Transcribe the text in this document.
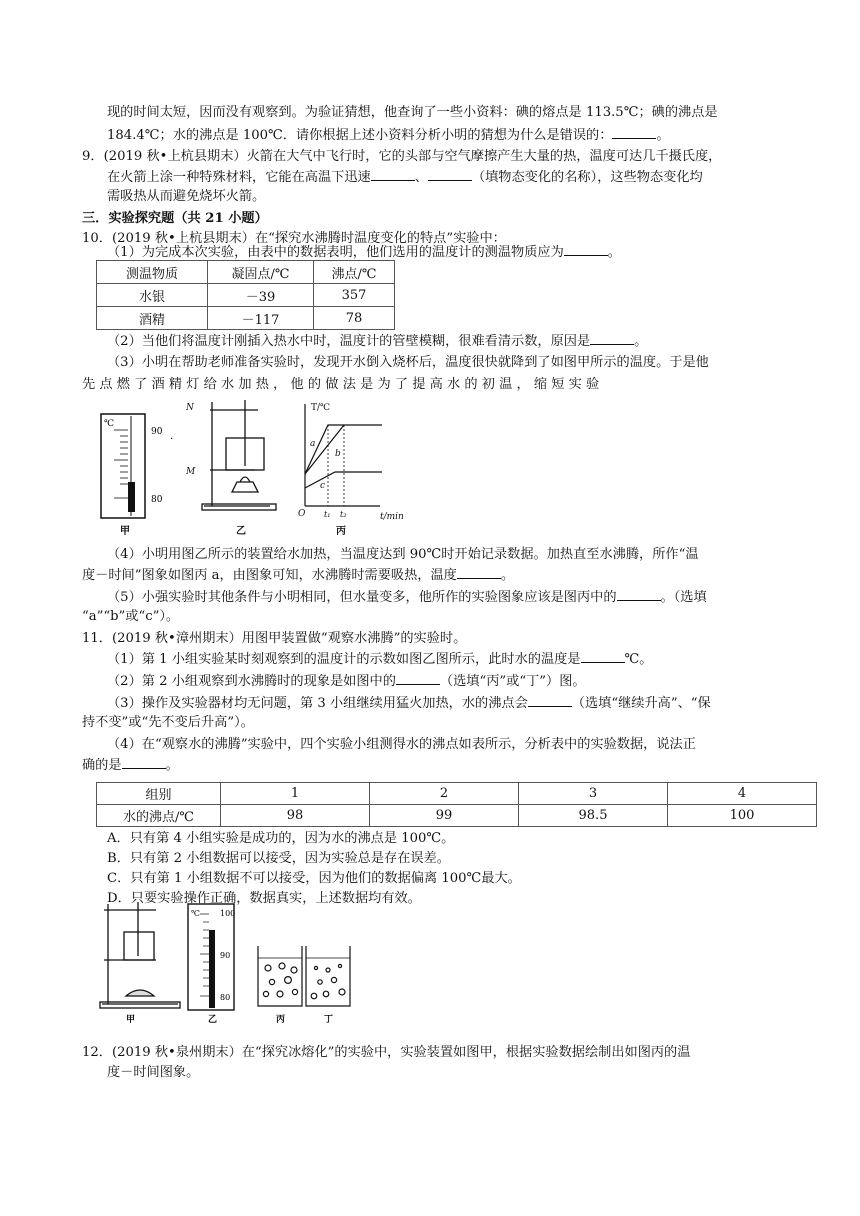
现的时间太短，因而没有观察到。为验证猜想，他查询了一些小资料：碘的熔点是 113.5℃；碘的沸点是
184.4℃；水的沸点是 100℃．请你根据上述小资料分析小明的猜想为什么是错误的：	。
9．(2019 秋•上杭县期末）火箭在大气中飞行时，它的头部与空气摩擦产生大量的热，温度可达几千摄氏度，
在火箭上涂一种特殊材料，它能在高温下迅速	、	（填物态变化的名称），这些物态变化均
需吸热从而避免烧坏火箭。
三．实验探究题（共 21 小题）
10．(2019 秋•上杭县期末）在“探究水沸腾时温度变化的特点”实验中：
（1）为完成本次实验，由表中的数据表明，他们选用的温度计的测温物质应为	。
测温物质	凝固点/℃	沸点/℃
水银	－39	357
酒精	－117	78
（2）当他们将温度计刚插入热水中时，温度计的管壁模糊，很难看清示数，原因是	。
（3）小明在帮助老师准备实验时，发现开水倒入烧杯后，温度很快就降到了如图甲所示的温度。于是他
先 点 燃 了 酒 精 灯 给 水 加 热 ， 他 的 做 法 是 为 了 提 高 水 的 初 温 ， 缩 短 实 验
℃
90
80
甲
·
N
M
乙
T/℃
O	t/min
t₁ t₂
a
b
c
丙
（4）小明用图乙所示的装置给水加热，当温度达到 90℃时开始记录数据。加热直至水沸腾，所作“温
度－时间”图象如图丙 a，由图象可知，水沸腾时需要吸热，温度	。
（5）小强实验时其他条件与小明相同，但水量变多，他所作的实验图象应该是图丙中的	。（选填
“a”“b”或“c”）。
11．(2019 秋•漳州期末）用图甲装置做“观察水沸腾”的实验时。
（1）第 1 小组实验某时刻观察到的温度计的示数如图乙图所示，此时水的温度是	℃。
（2）第 2 小组观察到水沸腾时的现象是如图中的	（选填“丙”或“丁”）图。
（3）操作及实验器材均无问题，第 3 小组继续用猛火加热，水的沸点会	（选填“继续升高”、“保
持不变”或“先不变后升高”）。
（4）在“观察水的沸腾”实验中，四个实验小组测得水的沸点如表所示，分析表中的实验数据，说法正
确的是	。
组别	1	2	3	4
水的沸点/℃	98	99	98.5	100
A．只有第 4 小组实验是成功的，因为水的沸点是 100℃。
B．只有第 2 小组数据可以接受，因为实验总是存在误差。
C．只有第 1 小组数据不可以接受，因为他们的数据偏离 100℃最大。
D．只要实验操作正确，数据真实，上述数据均有效。
甲
℃	100
90
80
乙	丙	丁
12．(2019 秋•泉州期末）在“探究冰熔化”的实验中，实验装置如图甲，根据实验数据绘制出如图丙的温
度－时间图象。
